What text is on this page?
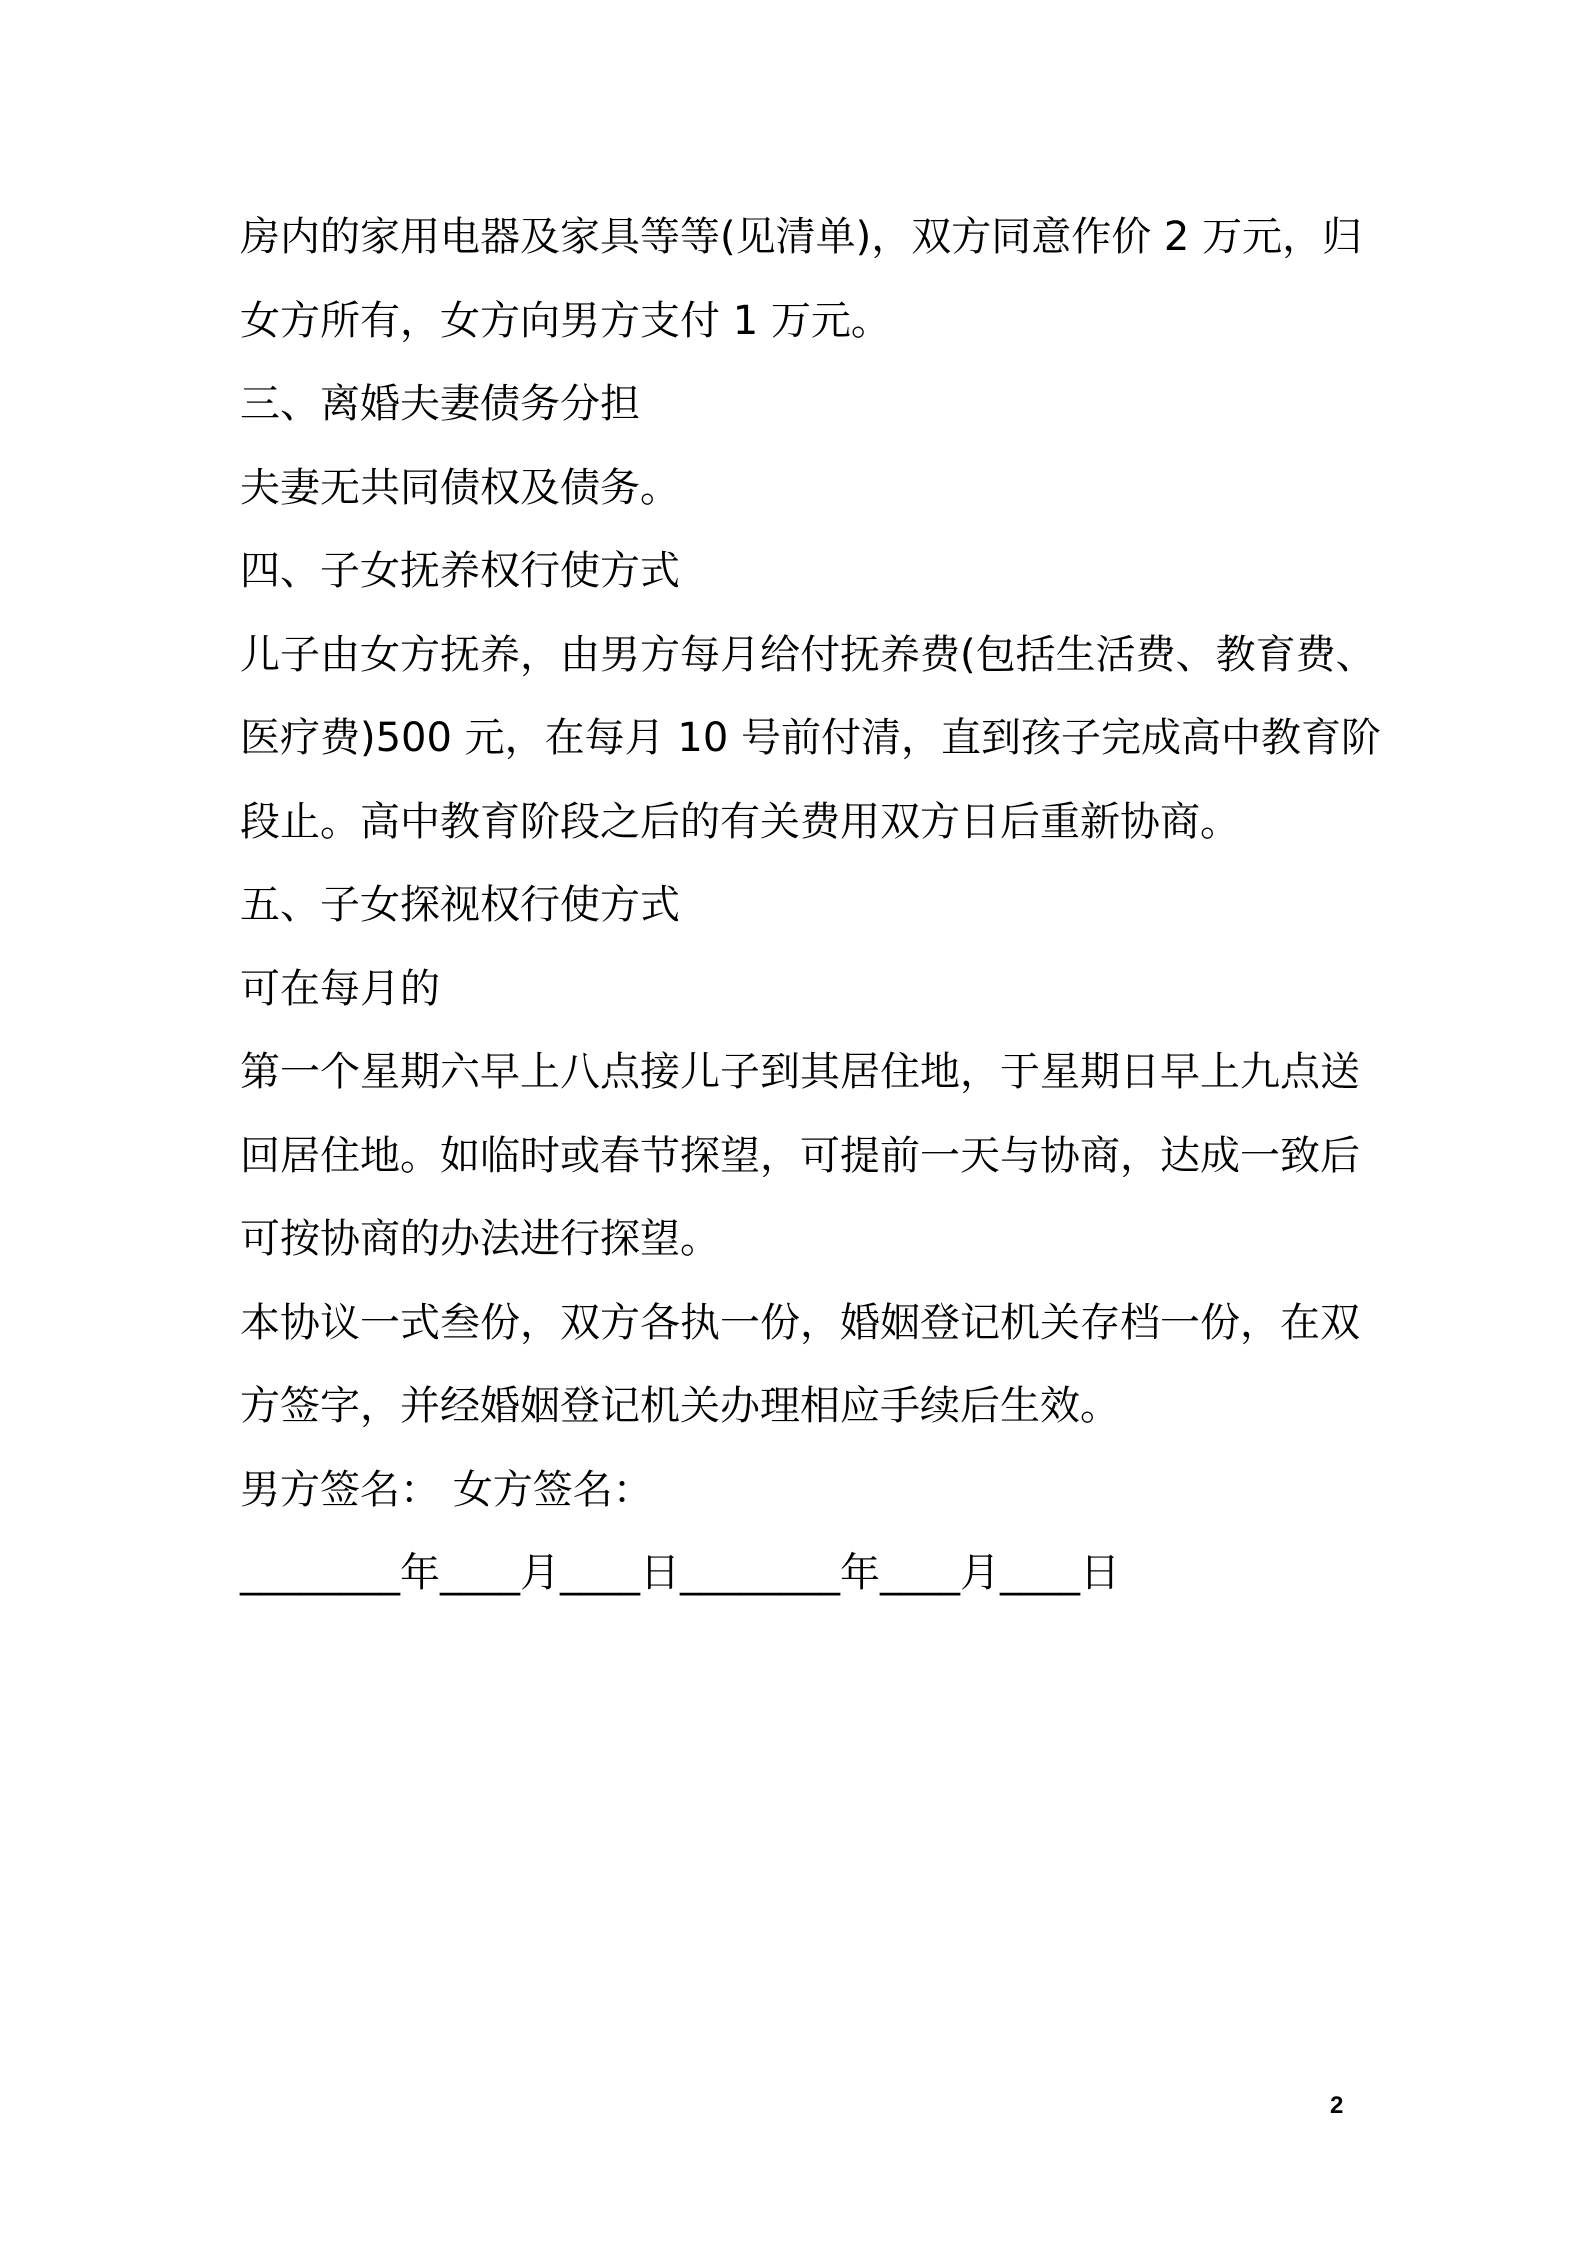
房内的家用电器及家具等等(见清单)，双方同意作价 2 万元，归

女方所有，女方向男方支付 1 万元。

三、离婚夫妻债务分担

夫妻无共同债权及债务。

四、子女抚养权行使方式

儿子由女方抚养，由男方每月给付抚养费(包括生活费、教育费、

医疗费)500 元，在每月 10 号前付清，直到孩子完成高中教育阶

段止。高中教育阶段之后的有关费用双方日后重新协商。

五、子女探视权行使方式

可在每月的

第一个星期六早上八点接儿子到其居住地，于星期日早上九点送

回居住地。如临时或春节探望，可提前一天与协商，达成一致后

可按协商的办法进行探望。

本协议一式叁份，双方各执一份，婚姻登记机关存档一份，在双

方签字，并经婚姻登记机关办理相应手续后生效。

男方签名： 女方签名：

________年____月____日________年____月____日

2
